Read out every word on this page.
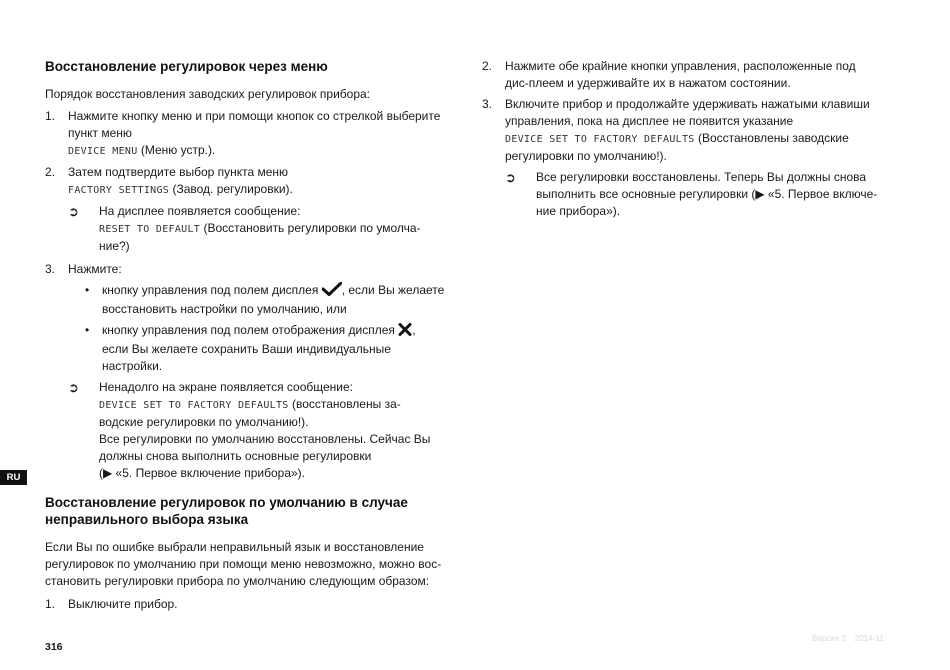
RU
Восстановление регулировок через меню
Порядок восстановления заводских регулировок прибора:
1. Нажмите кнопку меню и при помощи кнопок со стрелкой выберите пункт меню
DEVICE MENU (Меню устр.).
2. Затем подтвердите выбор пункта меню
FACTORY SETTINGS (Завод. регулировки).
➲ На дисплее появляется сообщение:
RESET TO DEFAULT (Восстановить регулировки по умолча-ние?)
3. Нажмите:
• кнопку управления под полем дисплея , если Вы желаете восстановить настройки по умолчанию, или
• кнопку управления под полем отображения дисплея , если Вы желаете сохранить Ваши индивидуальные настройки.
➲ Ненадолго на экране появляется сообщение:
DEVICE SET TO FACTORY DEFAULTS (восстановлены за-водские регулировки по умолчанию!).
Все регулировки по умолчанию восстановлены. Сейчас Вы должны снова выполнить основные регулировки
(▶ «5. Первое включение прибора»).
Восстановление регулировок по умолчанию в случае неправильного выбора языка
Если Вы по ошибке выбрали неправильный язык и восстановление регулировок по умолчанию при помощи меню невозможно, можно вос-становить регулировки прибора по умолчанию следующим образом:
1. Выключите прибор.
2. Нажмите обе крайние кнопки управления, расположенные под дис-плеем и удерживайте их в нажатом состоянии.
3. Включите прибор и продолжайте удерживать нажатыми клавиши управления, пока на дисплее не появится указание
DEVICE SET TO FACTORY DEFAULTS (Восстановлены заводские регулировки по умолчанию!).
➲ Все регулировки восстановлены. Теперь Вы должны снова выполнить все основные регулировки (▶ «5. Первое включе-ние прибора»).
316
Версия 2 2014-11
